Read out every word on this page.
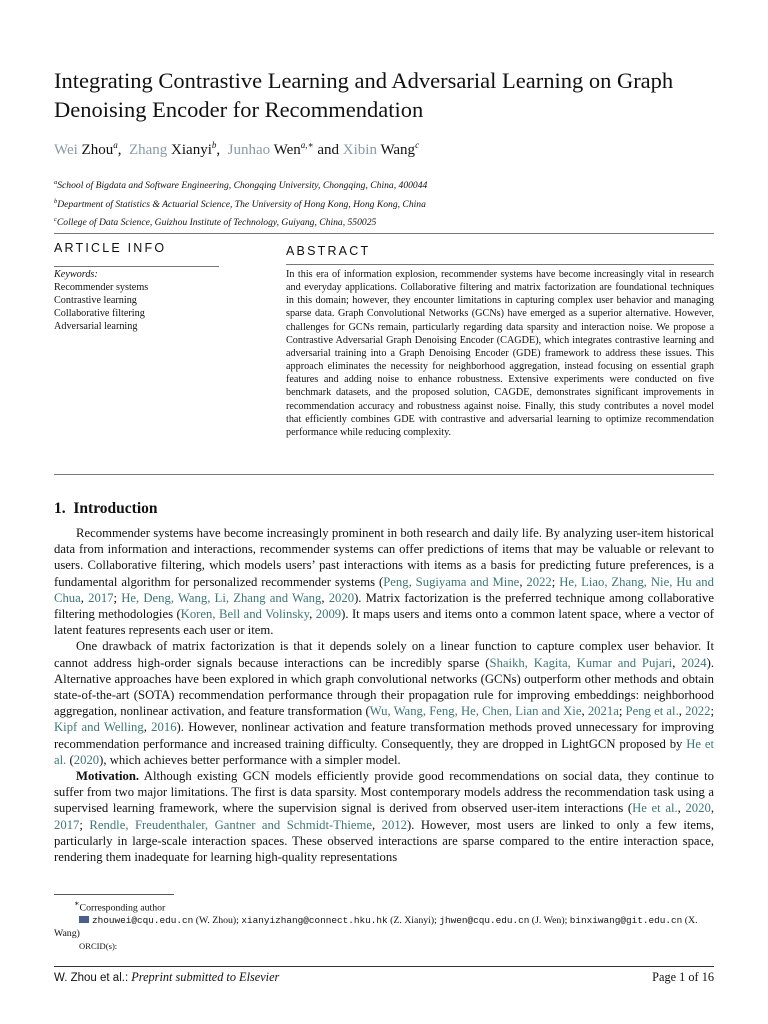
Integrating Contrastive Learning and Adversarial Learning on Graph Denoising Encoder for Recommendation
Wei Zhou$^a$, Zhang Xianyi$^b$, Junhao Wen$^{a,∗}$ and Xibin Wang$^c$
$^a$School of Bigdata and Software Engineering, Chongqing University, Chongqing, China, 400044
$^b$Department of Statistics & Actuarial Science, The University of Hong Kong, Hong Kong, China
$^c$College of Data Science, Guizhou Institute of Technology, Guiyang, China, 550025
ARTICLE INFO	ABSTRACT
Keywords:
Recommender systems
Contrastive learning
Collaborative filtering
Adversarial learning
In this era of information explosion, recommender systems have become increasingly vital in research and everyday applications. Collaborative filtering and matrix factorization are foundational techniques in this domain; however, they encounter limitations in capturing complex user behavior and managing sparse data. Graph Convolutional Networks (GCNs) have emerged as a superior alternative. However, challenges for GCNs remain, particularly regarding data sparsity and interaction noise. We propose a Contrastive Adversarial Graph Denoising Encoder (CAGDE), which integrates contrastive learning and adversarial training into a Graph Denoising Encoder (GDE) framework to address these issues. This approach eliminates the necessity for neighborhood aggregation, instead focusing on essential graph features and adding noise to enhance robustness. Extensive experiments were conducted on five benchmark datasets, and the proposed solution, CAGDE, demonstrates significant improvements in recommendation accuracy and robustness against noise. Finally, this study contributes a novel model that efficiently combines GDE with contrastive and adversarial learning to optimize recommendation performance while reducing complexity.
1. Introduction

Recommender systems have become increasingly prominent in both research and daily life. By analyzing user-item historical data from information and interactions, recommender systems can offer predictions of items that may be valuable or relevant to users. Collaborative filtering, which models users’ past interactions with items as a basis for predicting future preferences, is a fundamental algorithm for personalized recommender systems (Peng, Sugiyama and Mine, 2022; He, Liao, Zhang, Nie, Hu and Chua, 2017; He, Deng, Wang, Li, Zhang and Wang, 2020). Matrix factorization is the preferred technique among collaborative filtering methodologies (Koren, Bell and Volinsky, 2009). It maps users and items onto a common latent space, where a vector of latent features represents each user or item.

One drawback of matrix factorization is that it depends solely on a linear function to capture complex user behavior. It cannot address high-order signals because interactions can be incredibly sparse (Shaikh, Kagita, Kumar and Pujari, 2024). Alternative approaches have been explored in which graph convolutional networks (GCNs) outperform other methods and obtain state-of-the-art (SOTA) recommendation performance through their propagation rule for improving embeddings: neighborhood aggregation, nonlinear activation, and feature transformation (Wu, Wang, Feng, He, Chen, Lian and Xie, 2021a; Peng et al., 2022; Kipf and Welling, 2016). However, nonlinear activation and feature transformation methods proved unnecessary for improving recommendation performance and increased training difficulty. Consequently, they are dropped in LightGCN proposed by He et al. (2020), which achieves better performance with a simpler model.

Motivation. Although existing GCN models efficiently provide good recommendations on social data, they continue to suffer from two major limitations. The first is data sparsity. Most contemporary models address the recommendation task using a supervised learning framework, where the supervision signal is derived from observed user-item interactions (He et al., 2020, 2017; Rendle, Freudenthaler, Gantner and Schmidt-Thieme, 2012). However, most users are linked to only a few items, particularly in large-scale interaction spaces. These observed interactions are sparse compared to the entire interaction space, rendering them inadequate for learning high-quality representations

∗Corresponding author
zhouwei@cqu.edu.cn (W. Zhou); xianyizhang@connect.hku.hk (Z. Xianyi); jhwen@cqu.edu.cn (J. Wen); binxiwang@git.edu.cn (X. Wang)
ORCID(s):
W. Zhou et al.: Preprint submitted to Elsevier	Page 1 of 16
